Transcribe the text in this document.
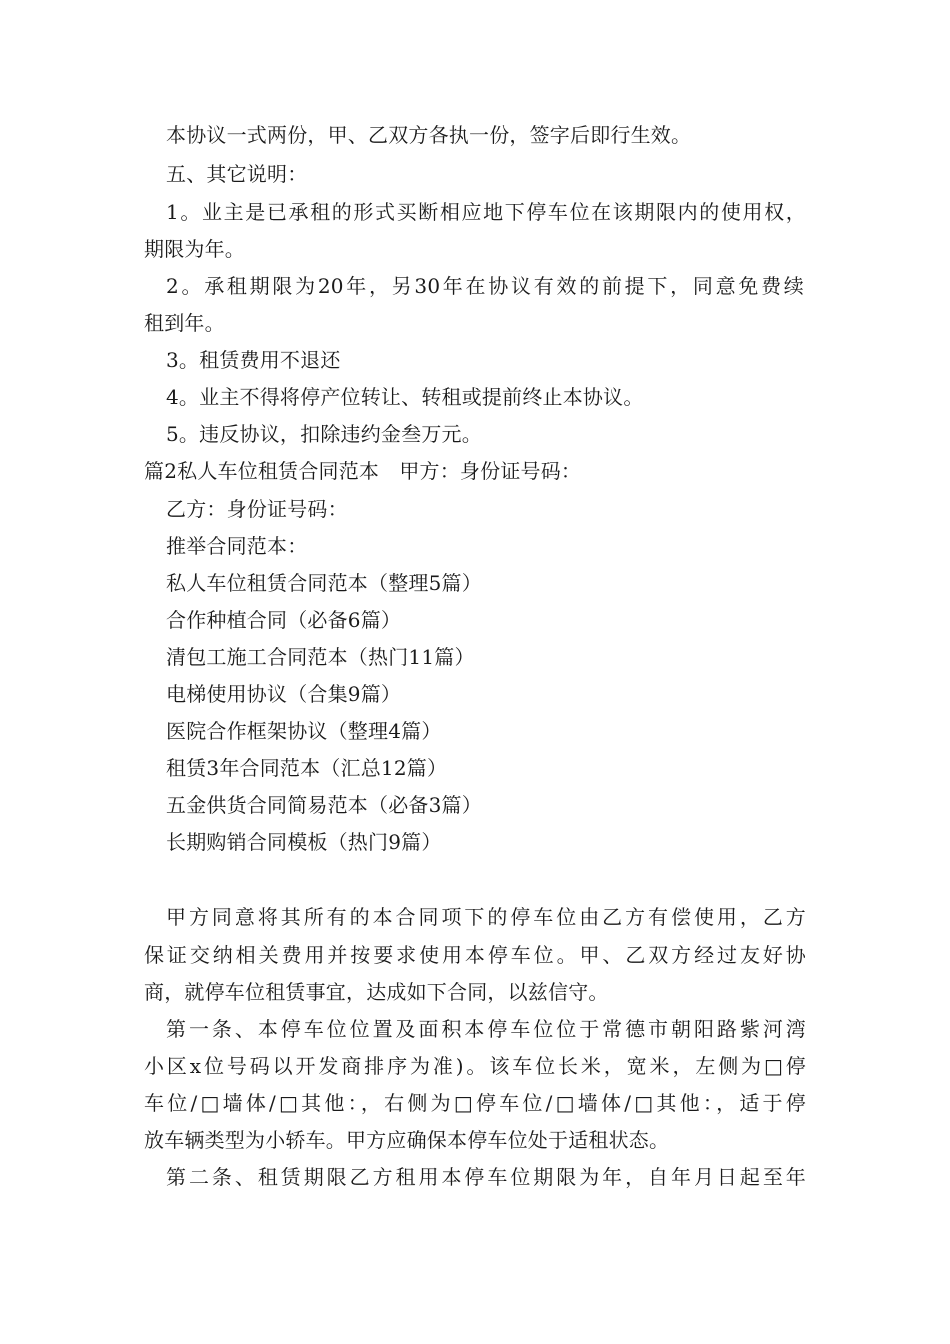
本协议一式两份，甲、乙双方各执一份，签字后即行生效。
五、其它说明：
1。业主是已承租的形式买断相应地下停车位在该期限内的使用权，
期限为年。
2。承租期限为20年，另30年在协议有效的前提下，同意免费续
租到年。
3。租赁费用不退还
4。业主不得将停产位转让、转租或提前终止本协议。
5。违反协议，扣除违约金叁万元。
篇2私人车位租赁合同范本　甲方：身份证号码：
乙方：身份证号码：
推举合同范本：
私人车位租赁合同范本（整理5篇）
合作种植合同（必备6篇）
清包工施工合同范本（热门11篇）
电梯使用协议（合集9篇）
医院合作框架协议（整理4篇）
租赁3年合同范本（汇总12篇）
五金供货合同简易范本（必备3篇）
长期购销合同模板（热门9篇）
甲方同意将其所有的本合同项下的停车位由乙方有偿使用，乙方
保证交纳相关费用并按要求使用本停车位。甲、乙双方经过友好协
商，就停车位租赁事宜，达成如下合同，以兹信守。
第一条、本停车位位置及面积本停车位位于常德市朝阳路紫河湾
小区x位号码以开发商排序为准)。该车位长米，宽米，左侧为□停
车位/□墙体/□其他：，右侧为□停车位/□墙体/□其他：，适于停
放车辆类型为小轿车。甲方应确保本停车位处于适租状态。
第二条、租赁期限乙方租用本停车位期限为年，自年月日起至年
